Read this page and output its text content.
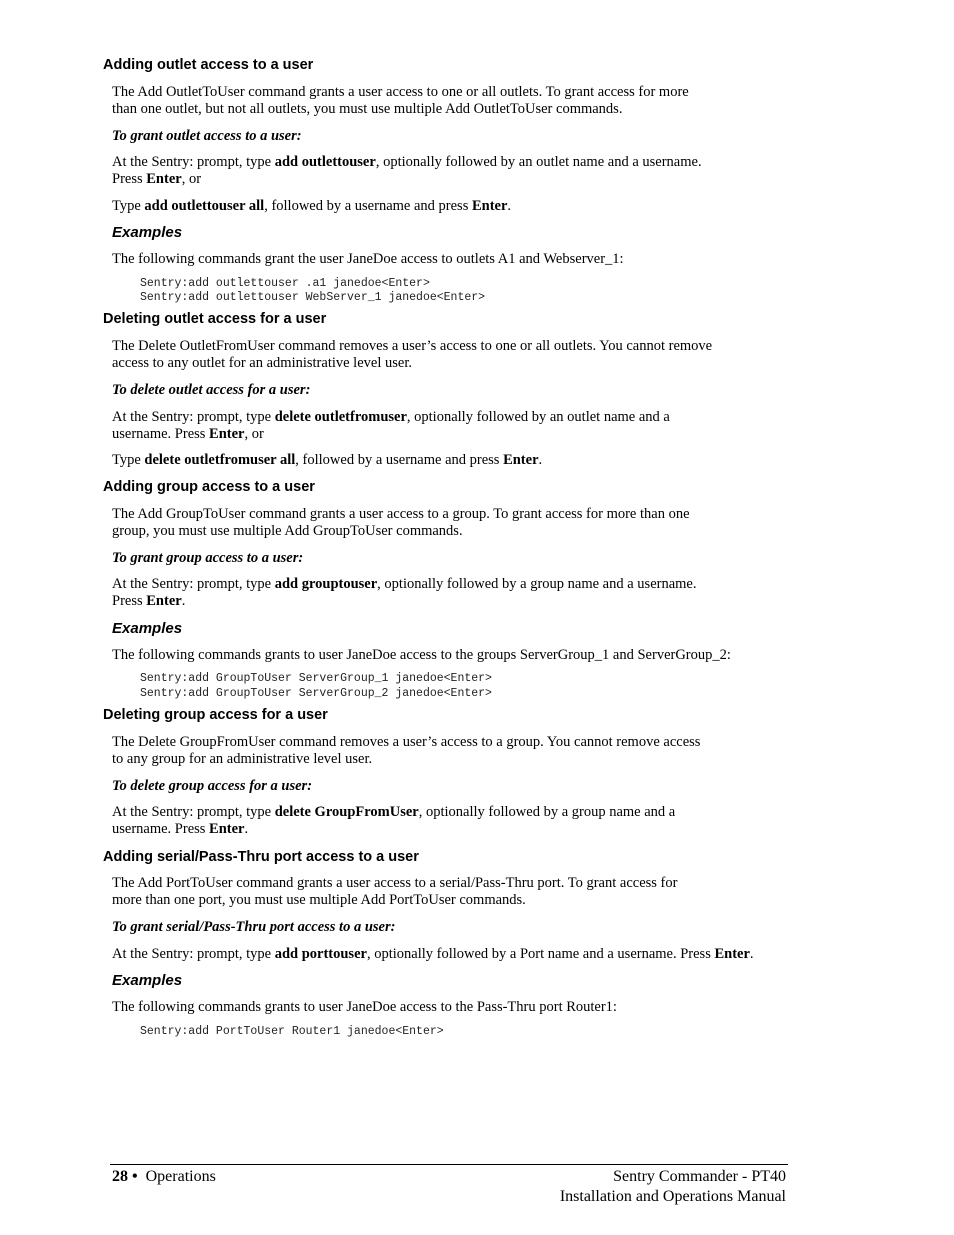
Adding outlet access to a user

The Add OutletToUser command grants a user access to one or all outlets. To grant access for more

than one outlet, but not all outlets, you must use multiple Add OutletToUser commands.

To grant outlet access to a user:

At the Sentry: prompt, type add outlettouser, optionally followed by an outlet name and a username.

Press Enter, or

Type add outlettouser all, followed by a username and press Enter.

Examples

The following commands grant the user JaneDoe access to outlets A1 and Webserver_1:

Sentry:add outlettouser .a1 janedoe<Enter>

Sentry:add outlettouser WebServer_1 janedoe<Enter>

Deleting outlet access for a user

The Delete OutletFromUser command removes a user’s access to one or all outlets. You cannot remove

access to any outlet for an administrative level user.

To delete outlet access for a user:

At the Sentry: prompt, type delete outletfromuser, optionally followed by an outlet name and a

username. Press Enter, or

Type delete outletfromuser all, followed by a username and press Enter.

Adding group access to a user

The Add GroupToUser command grants a user access to a group. To grant access for more than one

group, you must use multiple Add GroupToUser commands.

To grant group access to a user:

At the Sentry: prompt, type add grouptouser, optionally followed by a group name and a username.

Press Enter.

Examples

The following commands grants to user JaneDoe access to the groups ServerGroup_1 and ServerGroup_2:

Sentry:add GroupToUser ServerGroup_1 janedoe<Enter>

Sentry:add GroupToUser ServerGroup_2 janedoe<Enter>

Deleting group access for a user

The Delete GroupFromUser command removes a user’s access to a group. You cannot remove access

to any group for an administrative level user.

To delete group access for a user:

At the Sentry: prompt, type delete GroupFromUser, optionally followed by a group name and a

username. Press Enter.

Adding serial/Pass-Thru port access to a user

The Add PortToUser command grants a user access to a serial/Pass-Thru port. To grant access for

more than one port, you must use multiple Add PortToUser commands.

To grant serial/Pass-Thru port access to a user:

At the Sentry: prompt, type add porttouser, optionally followed by a Port name and a username. Press Enter.

Examples

The following commands grants to user JaneDoe access to the Pass-Thru port Router1:

Sentry:add PortToUser Router1 janedoe<Enter>

28 • Operations	Sentry Commander - PT40

Installation and Operations Manual
